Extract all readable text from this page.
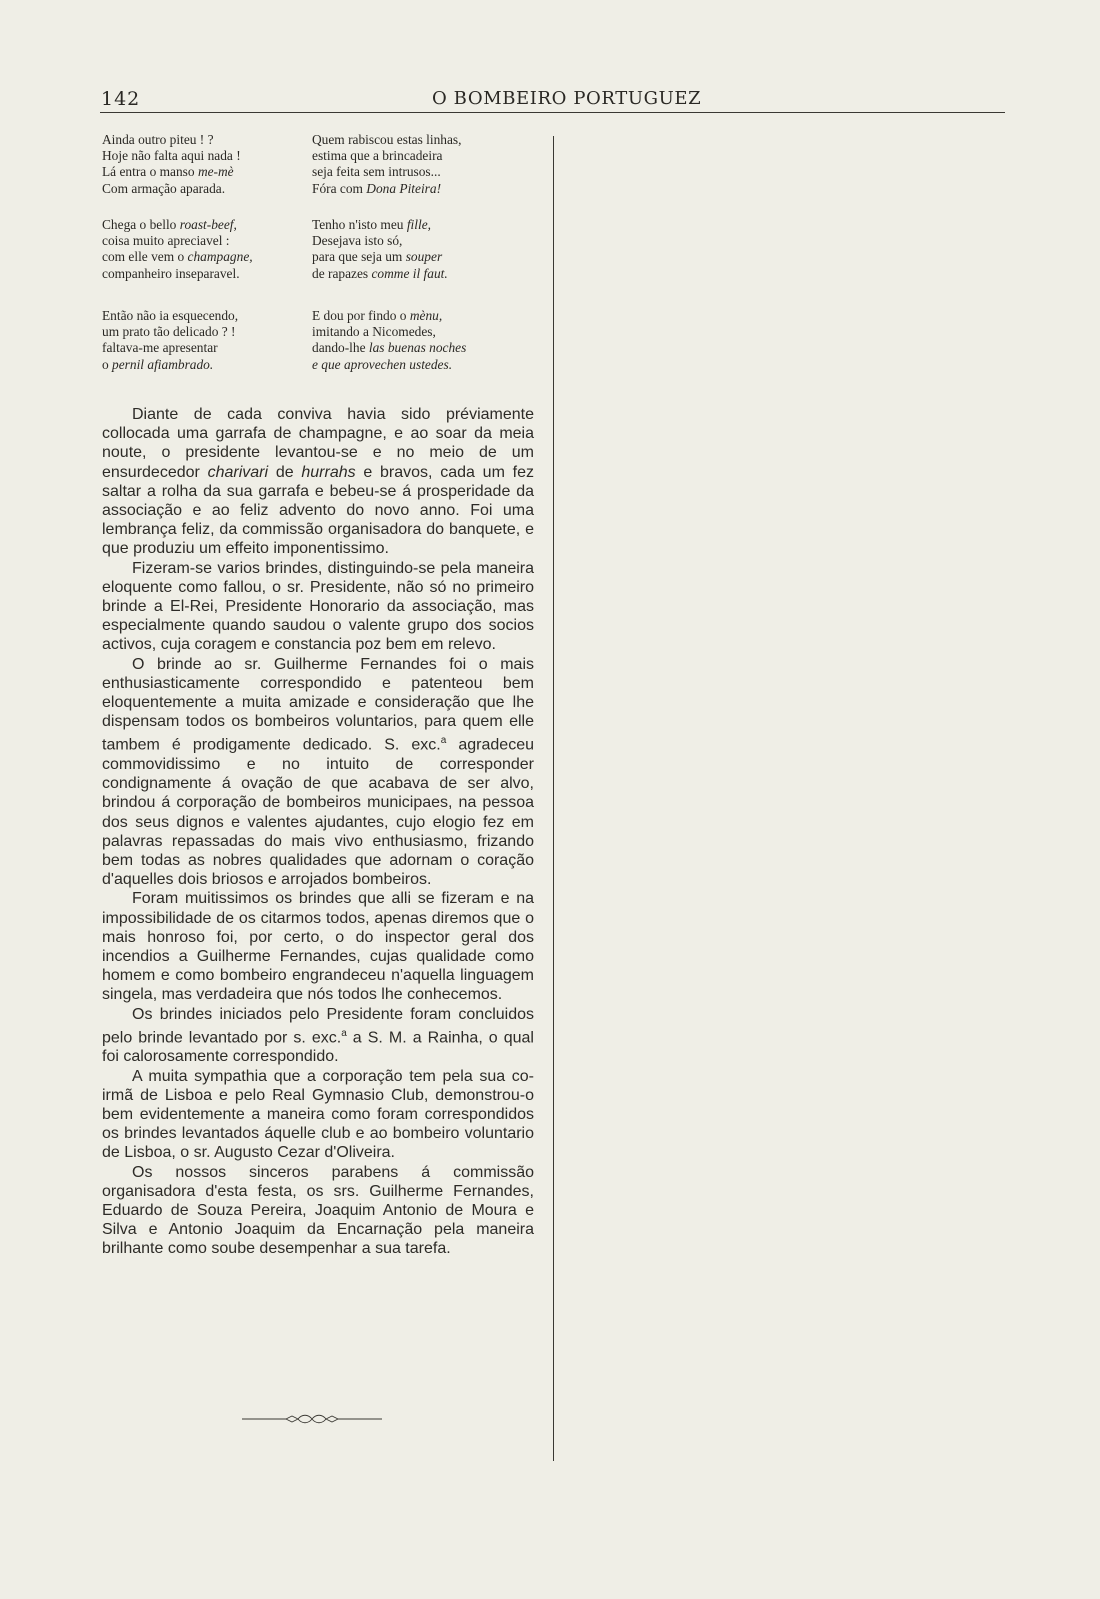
142	O BOMBEIRO PORTUGUEZ
Ainda outro piteu ! ?
Hoje não falta aqui nada !
Lá entra o manso me-mè
Com armação aparada.
Chega o bello roast-beef,
coisa muito apreciavel :
com elle vem o champagne,
companheiro inseparavel.
Então não ia esquecendo,
um prato tão delicado ? !
faltava-me apresentar
o pernil afiambrado.
Quem rabiscou estas linhas,
estima que a brincadeira
seja feita sem intrusos...
Fóra com Dona Piteira!
Tenho n'isto meu fille,
Desejava isto só,
para que seja um souper
de rapazes comme il faut.
E dou por findo o mènu,
imitando a Nicomedes,
dando-lhe las buenas noches
e que aprovechen ustedes.

Diante de cada conviva havia sido préviamente collocada uma garrafa de champagne, e ao soar da meia noute, o presidente levantou-se e no meio de um ensurdecedor charivari de hurrahs e bravos, cada um fez saltar a rolha da sua garrafa e bebeu-se á prosperidade da associação e ao feliz advento do novo anno. Foi uma lembrança feliz, da commissão organisadora do banquete, e que produziu um effeito imponentissimo.

Fizeram-se varios brindes, distinguindo-se pela maneira eloquente como fallou, o sr. Presidente, não só no primeiro brinde a El-Rei, Presidente Honorario da associação, mas especialmente quando saudou o valente grupo dos socios activos, cuja coragem e constancia poz bem em relevo.

O brinde ao sr. Guilherme Fernandes foi o mais enthusiasticamente correspondido e patenteou bem eloquentemente a muita amizade e consideração que lhe dispensam todos os bombeiros voluntarios, para quem elle tambem é prodigamente dedicado. S. exc.$^a$ agradeceu commovidissimo e no intuito de corresponder condignamente á ovação de que acabava de ser alvo, brindou á corporação de bombeiros municipaes, na pessoa dos seus dignos e valentes ajudantes, cujo elogio fez em palavras repassadas do mais vivo enthusiasmo, frizando bem todas as nobres qualidades que adornam o coração d'aquelles dois briosos e arrojados bombeiros.

Foram muitissimos os brindes que alli se fizeram e na impossibilidade de os citarmos todos, apenas diremos que o mais honroso foi, por certo, o do inspector geral dos incendios a Guilherme Fernandes, cujas qualidade como homem e como bombeiro engrandeceu n'aquella linguagem singela, mas verdadeira que nós todos lhe conhecemos.

Os brindes iniciados pelo Presidente foram concluidos pelo brinde levantado por s. exc.$^a$ a S. M. a Rainha, o qual foi calorosamente correspondido.

A muita sympathia que a corporação tem pela sua co-irmã de Lisboa e pelo Real Gymnasio Club, demonstrou-o bem evidentemente a maneira como foram correspondidos os brindes levantados áquelle club e ao bombeiro voluntario de Lisboa, o sr. Augusto Cezar d'Oliveira.

Os nossos sinceros parabens á commissão organisadora d'esta festa, os srs. Guilherme Fernandes, Eduardo de Souza Pereira, Joaquim Antonio de Moura e Silva e Antonio Joaquim da Encarnação pela maneira brilhante como soube desempenhar a sua tarefa.
